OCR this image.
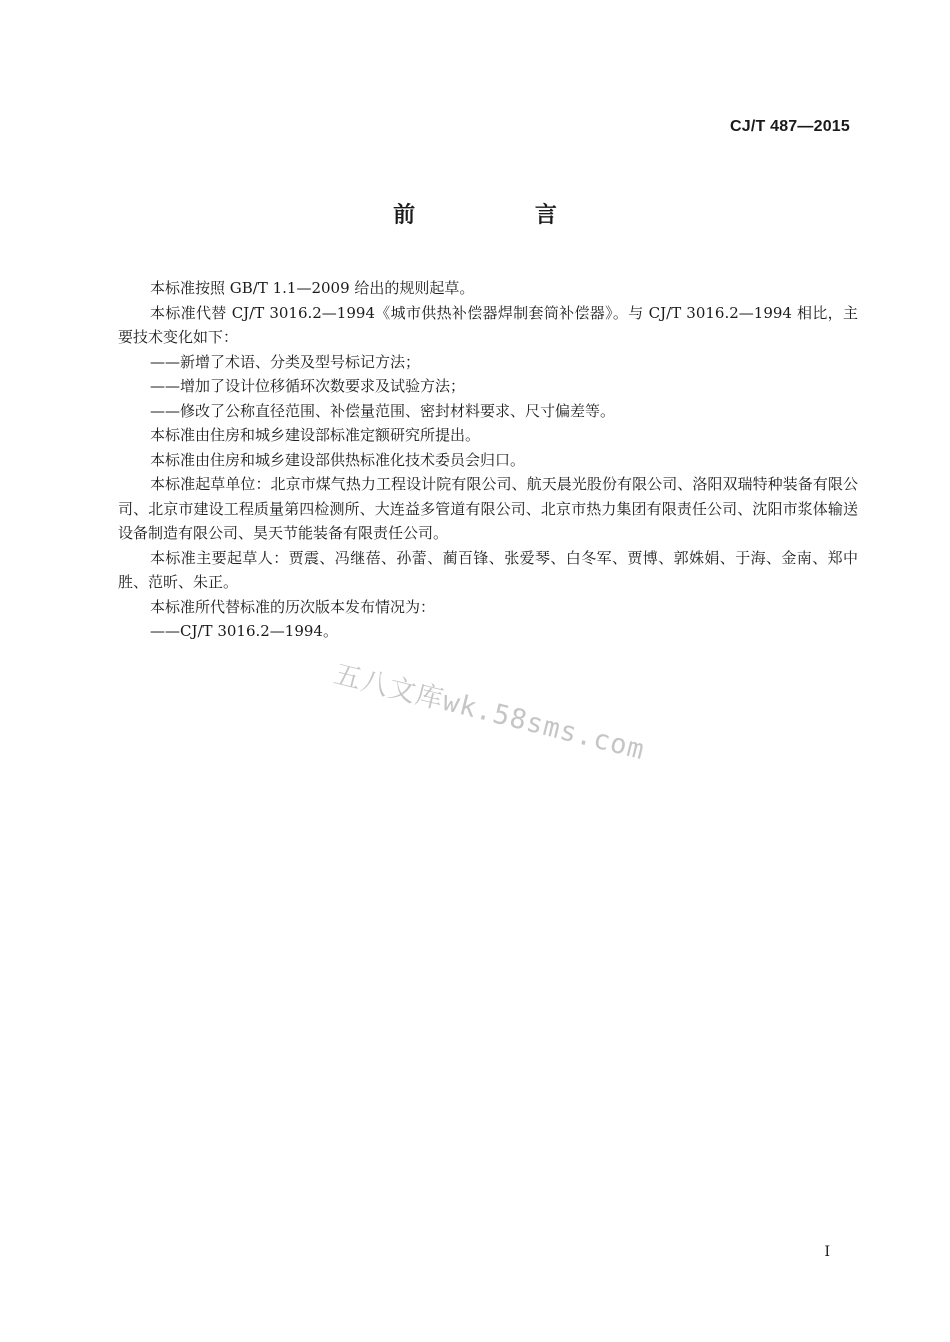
CJ/T 487—2015
前 言

本标准按照 GB/T 1.1—2009 给出的规则起草。

本标准代替 CJ/T 3016.2—1994《城市供热补偿器焊制套筒补偿器》。与 CJ/T 3016.2—1994 相比，主要技术变化如下：

——新增了术语、分类及型号标记方法；

——增加了设计位移循环次数要求及试验方法；

——修改了公称直径范围、补偿量范围、密封材料要求、尺寸偏差等。

本标准由住房和城乡建设部标准定额研究所提出。

本标准由住房和城乡建设部供热标准化技术委员会归口。

本标准起草单位：北京市煤气热力工程设计院有限公司、航天晨光股份有限公司、洛阳双瑞特种装备有限公司、北京市建设工程质量第四检测所、大连益多管道有限公司、北京市热力集团有限责任公司、沈阳市浆体输送设备制造有限公司、昊天节能装备有限责任公司。

本标准主要起草人：贾震、冯继蓓、孙蕾、蔺百锋、张爱琴、白冬军、贾博、郭姝娟、于海、金南、郑中胜、范昕、朱正。

本标准所代替标准的历次版本发布情况为：

——CJ/T 3016.2—1994。

五八文库wk.58sms.com
I
